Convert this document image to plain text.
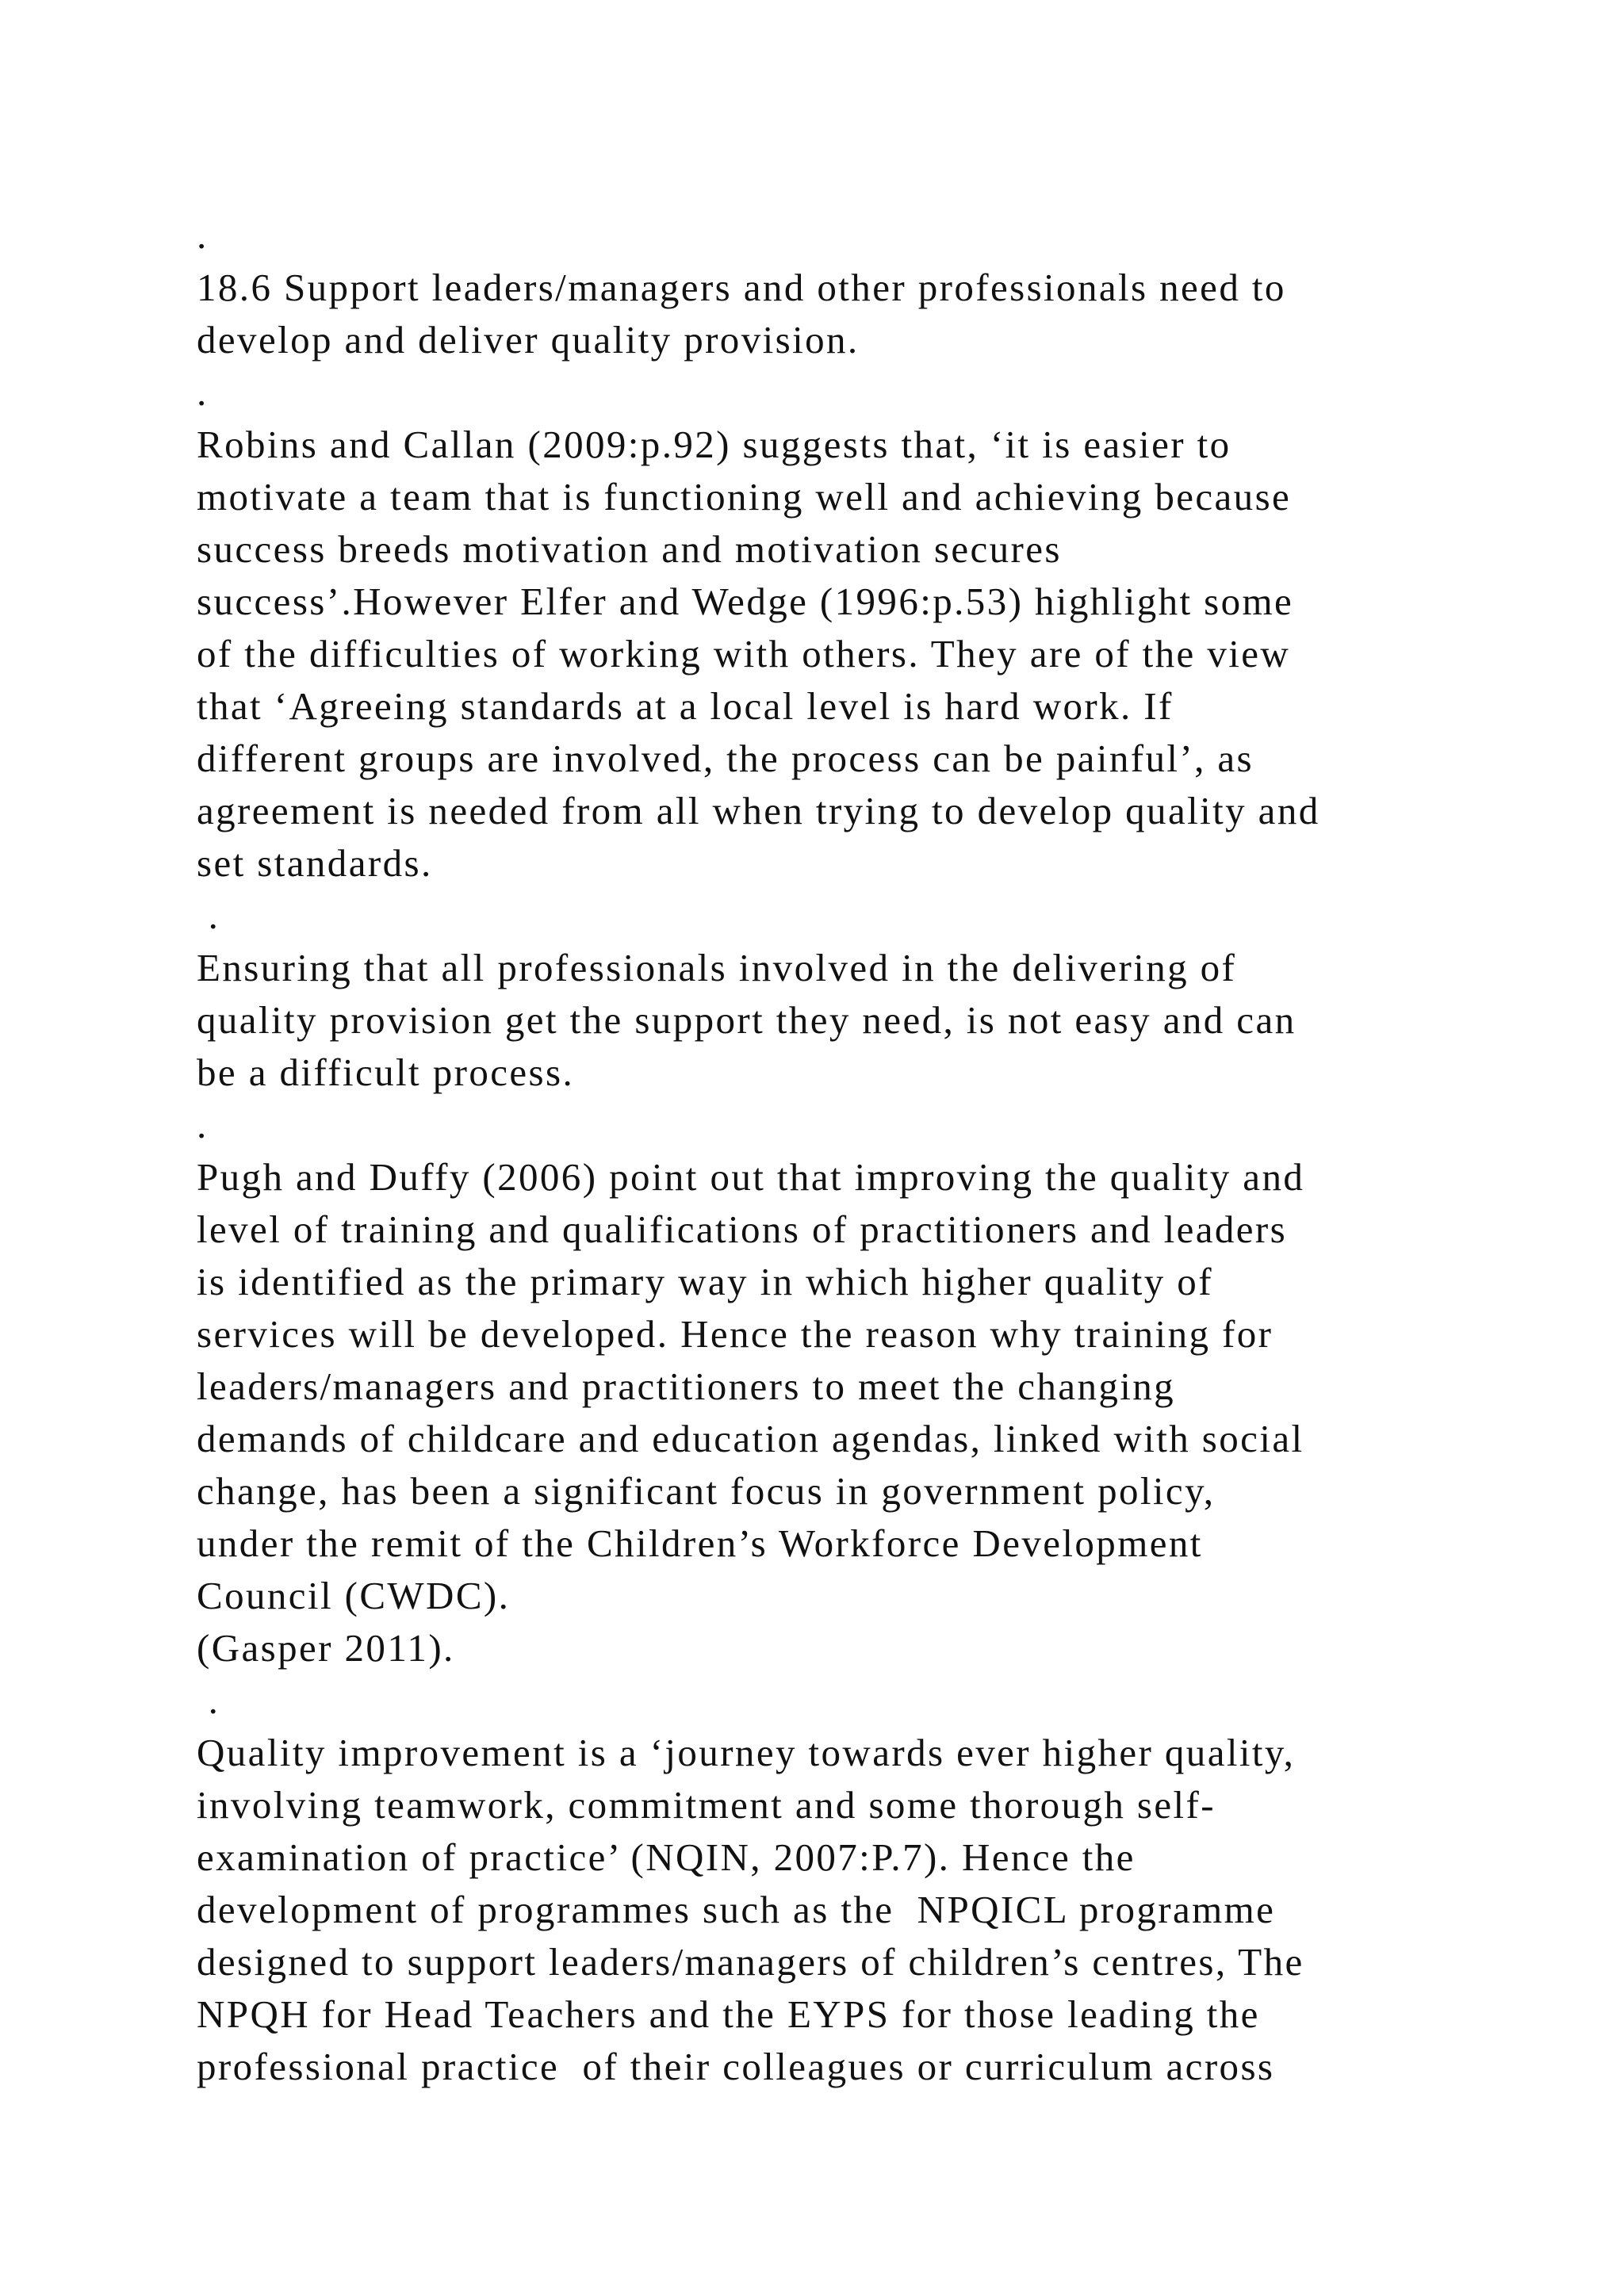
.
18.6 Support leaders/managers and other professionals need to
develop and deliver quality provision.
.
Robins and Callan (2009:p.92) suggests that, ‘it is easier to
motivate a team that is functioning well and achieving because
success breeds motivation and motivation secures
success’.However Elfer and Wedge (1996:p.53) highlight some
of the difficulties of working with others. They are of the view
that ‘Agreeing standards at a local level is hard work. If
different groups are involved, the process can be painful’, as
agreement is needed from all when trying to develop quality and
set standards.
.
Ensuring that all professionals involved in the delivering of
quality provision get the support they need, is not easy and can
be a difficult process.
.
Pugh and Duffy (2006) point out that improving the quality and
level of training and qualifications of practitioners and leaders
is identified as the primary way in which higher quality of
services will be developed. Hence the reason why training for
leaders/managers and practitioners to meet the changing
demands of childcare and education agendas, linked with social
change, has been a significant focus in government policy,
under the remit of the Children’s Workforce Development
Council (CWDC).
(Gasper 2011).
.
Quality improvement is a ‘journey towards ever higher quality,
involving teamwork, commitment and some thorough self-
examination of practice’ (NQIN, 2007:P.7). Hence the
development of programmes such as the  NPQICL programme
designed to support leaders/managers of children’s centres, The
NPQH for Head Teachers and the EYPS for those leading the
professional practice  of their colleagues or curriculum across
